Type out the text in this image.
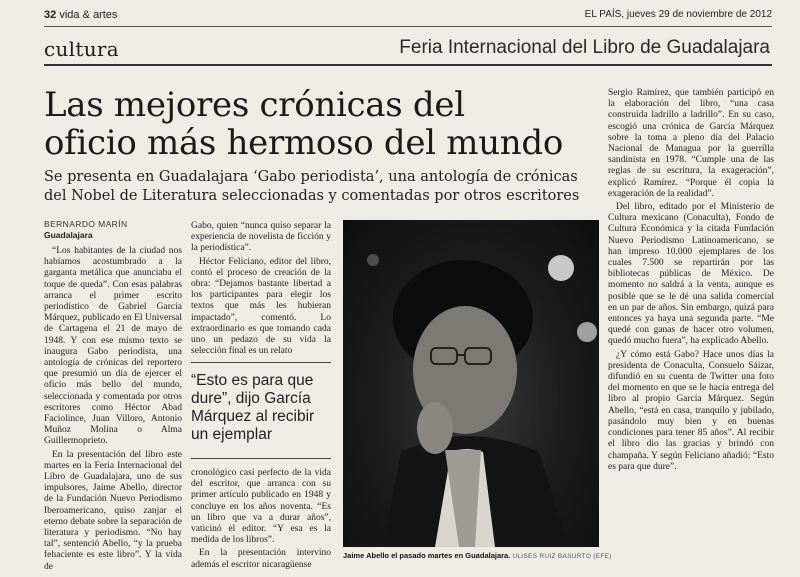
32 vida & artes	EL PAÍS, jueves 29 de noviembre de 2012
cultura	Feria Internacional del Libro de Guadalajara
Las mejores crónicas del oficio más hermoso del mundo
Se presenta en Guadalajara ‘Gabo periodista’, una antología de crónicas del Nobel de Literatura seleccionadas y comentadas por otros escritores
BERNARDO MARÍN
Guadalajara

“Los habitantes de la ciudad nos habíamos acostumbrado a la garganta metálica que anunciaba el toque de queda”. Con esas palabras arranca el primer escrito periodístico de Gabriel García Márquez, publicado en El Universal de Cartagena el 21 de mayo de 1948. Y con ese mismo texto se inaugura Gabo periodista, una antología de crónicas del reportero que presumió un día de ejercer el oficio más bello del mundo, seleccionada y comentada por otros escritores como Héctor Abad Faciolince, Juan Villoro, Antonio Muñoz Molina o Alma Guillermoprieto.

En la presentación del libro este martes en la Feria Internacional del Libro de Guadalajara, uno de sus impulsores, Jaime Abello, director de la Fundación Nuevo Periodismo Iberoamericano, quiso zanjar el eterno debate sobre la separación de literatura y periodismo. “No hay tal”, sentenció Abello, “y la prueba fehaciente es este libro”. Y la vida de

Gabo, quien “nunca quiso separar la experiencia de novelista de ficción y la periodística”.

Héctor Feliciano, editor del libro, contó el proceso de creación de la obra: “Dejamos bastante libertad a los participantes para elegir los textos que más les hubieran impactado”, comentó. Lo extraordinario es que tomando cada uno un pedazo de su vida la selección final es un relato

“Esto es para que dure”, dijo García Márquez al recibir un ejemplar

cronológico casi perfecto de la vida del escritor, que arranca con su primer artículo publicado en 1948 y concluye en los años noventa. “Es un libro que va a durar años”, vaticinó el editor. “Y esa es la medida de los libros”.

En la presentación intervino además el escritor nicaragüense

Jaime Abello el pasado martes en Guadalajara. ULISES RUIZ BASURTO (EFE)

Sergio Ramírez, que también participó en la elaboración del libro, “una casa construida ladrillo a ladrillo”. En su caso, escogió una crónica de García Márquez sobre la toma a pleno día del Palacio Nacional de Managua por la guerrilla sandinista en 1978. “Cumple una de las reglas de su escritura, la exageración”, explicó Ramírez. “Porque él copia la exageración de la realidad”.

Del libro, editado por el Ministerio de Cultura mexicano (Conaculta), Fondo de Cultura Económica y la citada Fundación Nuevo Periodismo Latinoamericano, se han impreso 10.000 ejemplares de los cuales 7.500 se repartirán por las bibliotecas públicas de México. De momento no saldrá a la venta, aunque es posible que se le dé una salida comercial en un par de años. Sin embargo, quizá para entonces ya haya una segunda parte. “Me quedé con ganas de hacer otro volumen, quedó mucho fuera”, ha explicado Abello.

¿Y cómo está Gabo? Hace unos días la presidenta de Conaculta, Consuelo Sáizar, difundió en su cuenta de Twitter una foto del momento en que se le hacía entrega del libro al propio García Márquez. Según Abello, “está en casa, tranquilo y jubilado, pasándolo muy bien y en buenas condiciones para tener 85 años”. Al recibir el libro dio las gracias y brindó con champaña. Y según Feliciano añadió: “Esto es para que dure”.
